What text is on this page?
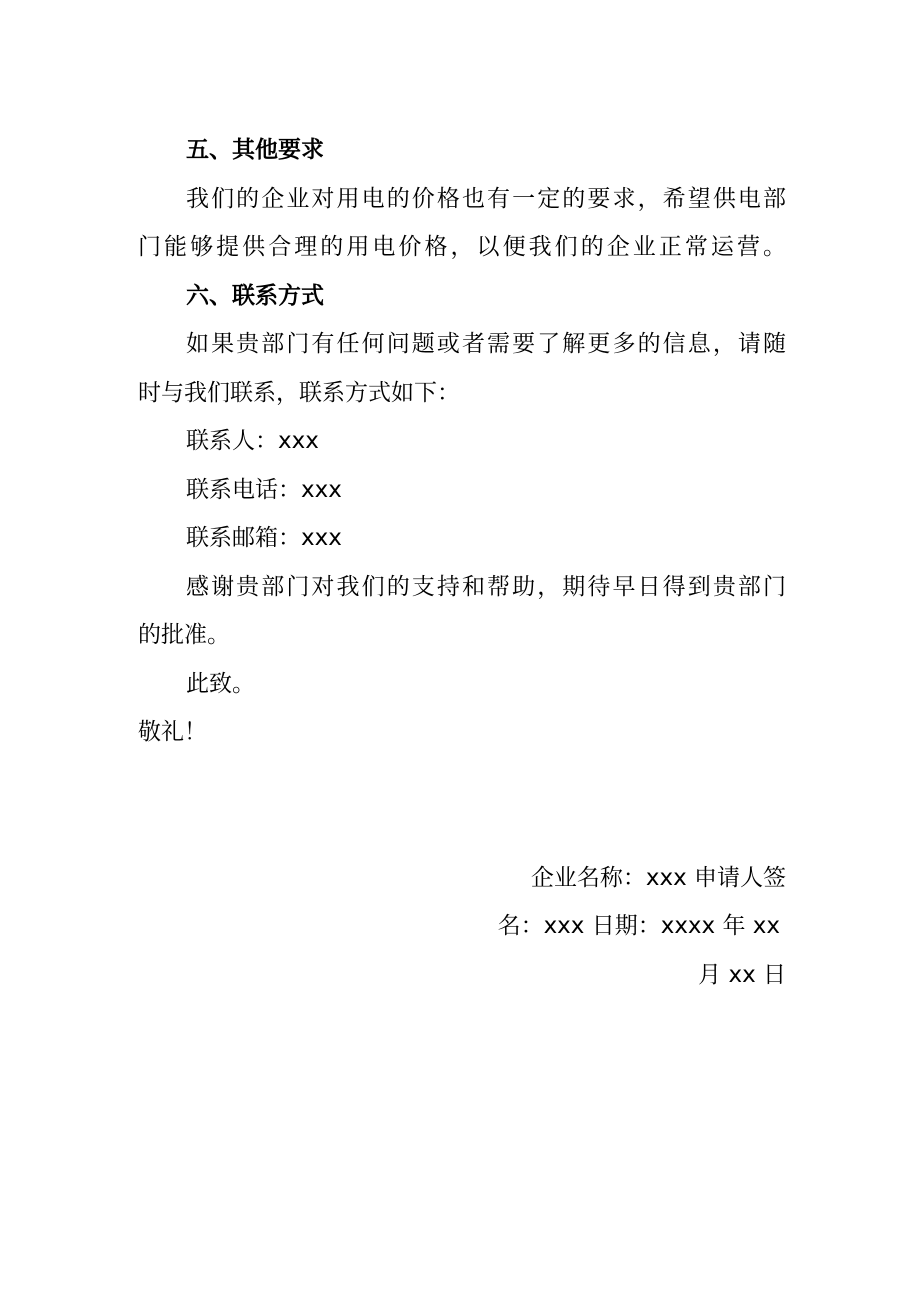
五、其他要求
我们的企业对用电的价格也有一定的要求，希望供电部
门能够提供合理的用电价格，以便我们的企业正常运营。
六、联系方式
如果贵部门有任何问题或者需要了解更多的信息，请随
时与我们联系，联系方式如下：
联系人：xxx
联系电话：xxx
联系邮箱：xxx
感谢贵部门对我们的支持和帮助，期待早日得到贵部门
的批准。
此致。
敬礼！
企业名称：xxx 申请人签
名：xxx 日期：xxxx 年 xx
月 xx 日
